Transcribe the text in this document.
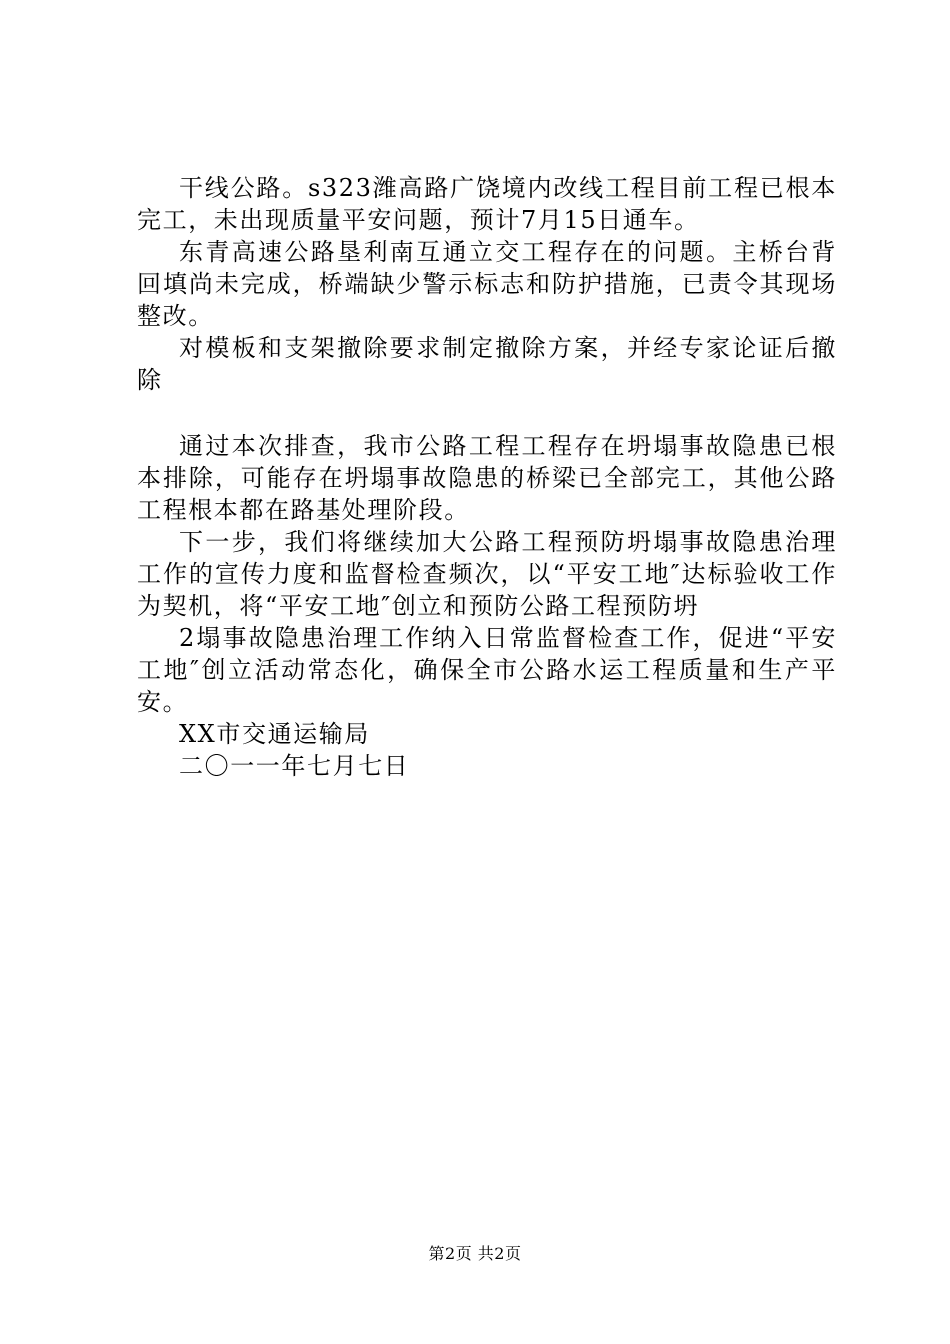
干线公路。s323潍高路广饶境内改线工程目前工程已根本完工，未出现质量平安问题，预计7月15日通车。

东青高速公路垦利南互通立交工程存在的问题。主桥台背回填尚未完成，桥端缺少警示标志和防护措施，已责令其现场整改。

对模板和支架撤除要求制定撤除方案，并经专家论证后撤除

通过本次排查，我市公路工程工程存在坍塌事故隐患已根本排除，可能存在坍塌事故隐患的桥梁已全部完工，其他公路工程根本都在路基处理阶段。

下一步，我们将继续加大公路工程预防坍塌事故隐患治理工作的宣传力度和监督检查频次，以“平安工地″达标验收工作为契机，将“平安工地″创立和预防公路工程预防坍

2塌事故隐患治理工作纳入日常监督检查工作，促进“平安工地″创立活动常态化，确保全市公路水运工程质量和生产平安。

XX市交通运输局

二〇一一年七月七日

第2页 共2页
